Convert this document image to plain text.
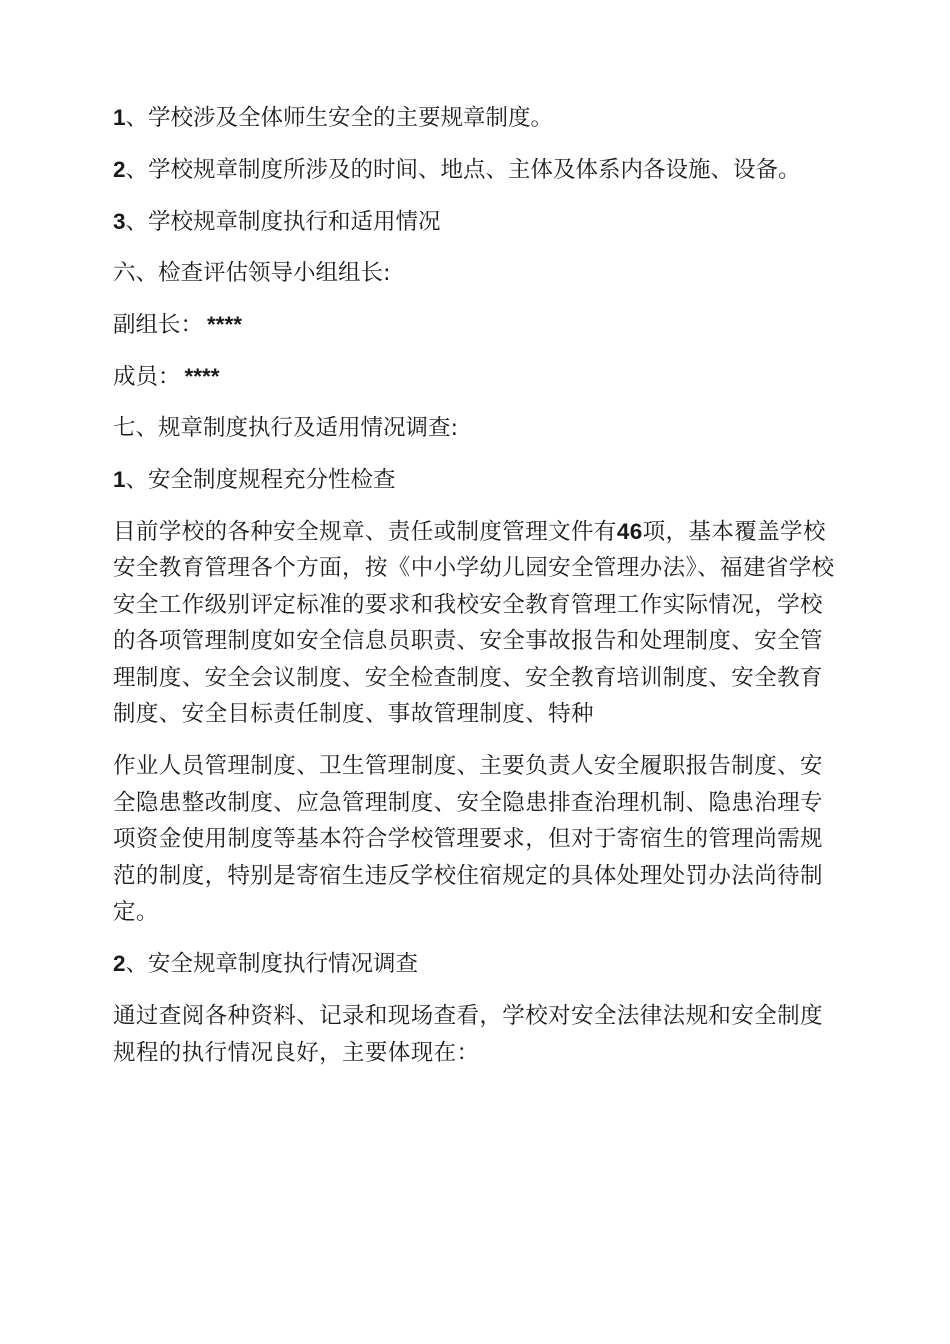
1、学校涉及全体师生安全的主要规章制度。
2、学校规章制度所涉及的时间、地点、主体及体系内各设施、设备。
3、学校规章制度执行和适用情况
六、检查评估领导小组组长:
副组长： ****
成员： ****
七、规章制度执行及适用情况调查:
1、安全制度规程充分性检查
目前学校的各种安全规章、责任或制度管理文件有46项，基本覆盖学校安全教育管理各个方面，按《中小学幼儿园安全管理办法》、福建省学校安全工作级别评定标准的要求和我校安全教育管理工作实际情况，学校的各项管理制度如安全信息员职责、安全事故报告和处理制度、安全管理制度、安全会议制度、安全检查制度、安全教育培训制度、安全教育制度、安全目标责任制度、事故管理制度、特种
作业人员管理制度、卫生管理制度、主要负责人安全履职报告制度、安全隐患整改制度、应急管理制度、安全隐患排查治理机制、隐患治理专项资金使用制度等基本符合学校管理要求，但对于寄宿生的管理尚需规范的制度，特别是寄宿生违反学校住宿规定的具体处理处罚办法尚待制定。
2、安全规章制度执行情况调查
通过查阅各种资料、记录和现场查看，学校对安全法律法规和安全制度规程的执行情况良好，主要体现在：
